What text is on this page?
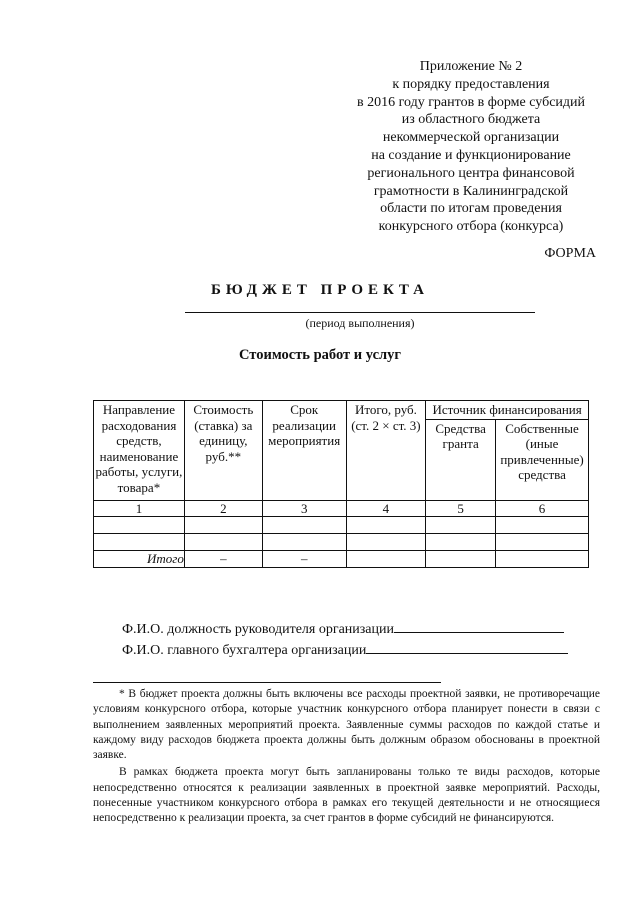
Приложение № 2
к порядку предоставления
в 2016 году грантов в форме субсидий
из областного бюджета
некоммерческой организации
на создание и функционирование
регионального центра финансовой
грамотности в Калининградской
области по итогам проведения
конкурсного отбора (конкурса)
ФОРМА
БЮДЖЕТ ПРОЕКТА
(период выполнения)
Стоимость работ и услуг
Направление расходования средств, наименование работы, услуги, товара*	Стоимость (ставка) за единицу, руб.**	Срок реализации мероприятия	Итого, руб. (ст. 2 × ст. 3)	Источник финансирования	
				Средства гранта	Собственные (иные привлеченные) средства
1	2	3	4	5	6

Итого	–	–			
Ф.И.О. должность руководителя организации
Ф.И.О. главного бухгалтера организации

* В бюджет проекта должны быть включены все расходы проектной заявки, не противоречащие условиям конкурсного отбора, которые участник конкурсного отбора планирует понести в связи с выполнением заявленных мероприятий проекта. Заявленные суммы расходов по каждой статье и каждому виду расходов бюджета проекта должны быть должным образом обоснованы в проектной заявке.

В рамках бюджета проекта могут быть запланированы только те виды расходов, которые непосредственно относятся к реализации заявленных в проектной заявке мероприятий. Расходы, понесенные участником конкурсного отбора в рамках его текущей деятельности и не относящиеся непосредственно к реализации проекта, за счет грантов в форме субсидий не финансируются.
